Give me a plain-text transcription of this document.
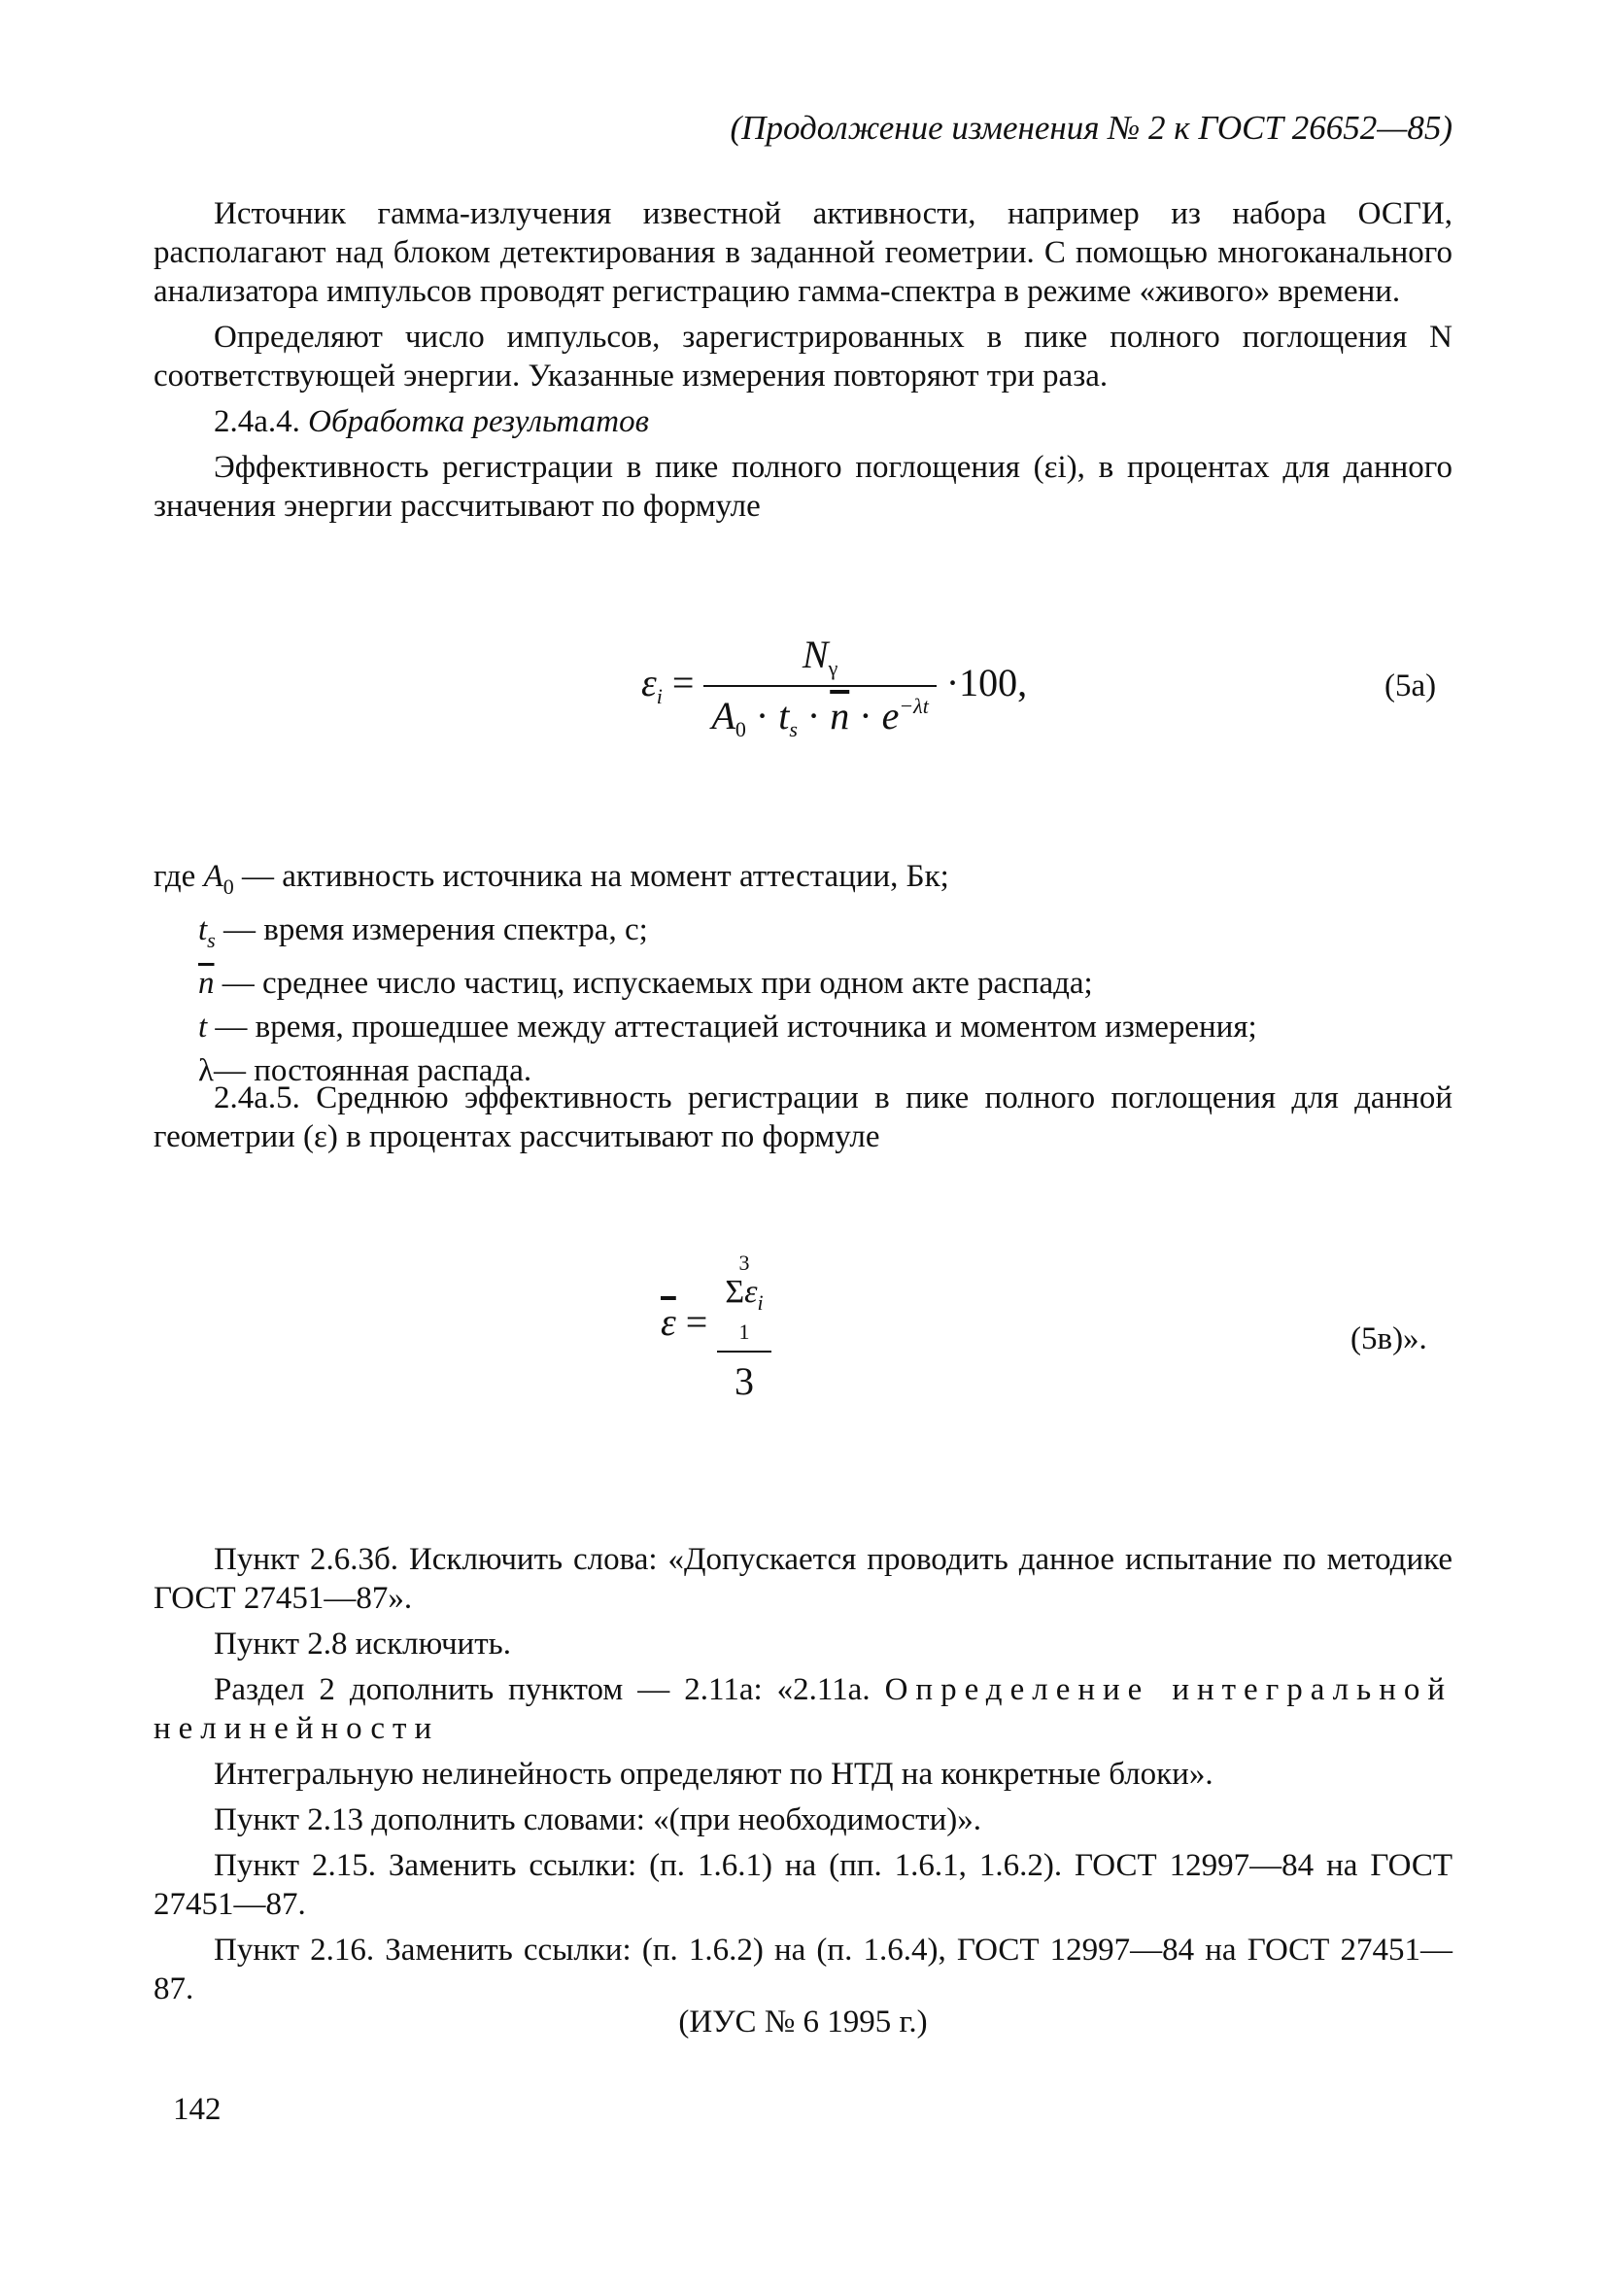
(Продолжение изменения № 2 к ГОСТ 26652—85)

Источник гамма-излучения известной активности, например из набора ОСГИ, располагают над блоком детектирования в заданной геометрии. С помощью многоканального анализатора импульсов проводят регистрацию гамма-спектра в режиме «живого» времени.

Определяют число импульсов, зарегистрированных в пике полного поглощения N соответствующей энергии. Указанные измерения повторяют три раза.

2.4а.4. Обработка результатов

Эффективность регистрации в пике полного поглощения (εi), в процентах для данного значения энергии рассчитывают по формуле

$\varepsilon_i = \frac{N_\gamma}{A_0 \cdot t_s \cdot \overline{n} \cdot e^{-\lambda t}} \cdot 100$,	(5а)
где $A_0$ — активность источника на момент аттестации, Бк;
$t_s$ — время измерения спектра, с;
$\overline{n}$ — среднее число частиц, испускаемых при одном акте распада;
t — время, прошедшее между аттестацией источника и моментом измерения;
λ— постоянная распада.

2.4а.5. Среднюю эффективность регистрации в пике полного поглощения для данной геометрии (ε) в процентах рассчитывают по формуле

$\overline{\varepsilon} = 3$
$\Sigma\varepsilon_i$
1
3	(5в)».

Пункт 2.6.3б. Исключить слова: «Допускается проводить данное испытание по методике ГОСТ 27451—87».

Пункт 2.8 исключить.

Раздел 2 дополнить пунктом — 2.11а: «2.11а. Определение интегральной нелинейности

Интегральную нелинейность определяют по НТД на конкретные блоки».

Пункт 2.13 дополнить словами: «(при необходимости)».

Пункт 2.15. Заменить ссылки: (п. 1.6.1) на (пп. 1.6.1, 1.6.2). ГОСТ 12997—84 на ГОСТ 27451—87.

Пункт 2.16. Заменить ссылки: (п. 1.6.2) на (п. 1.6.4), ГОСТ 12997—84 на ГОСТ 27451—87.

(ИУС № 6 1995 г.)
142
